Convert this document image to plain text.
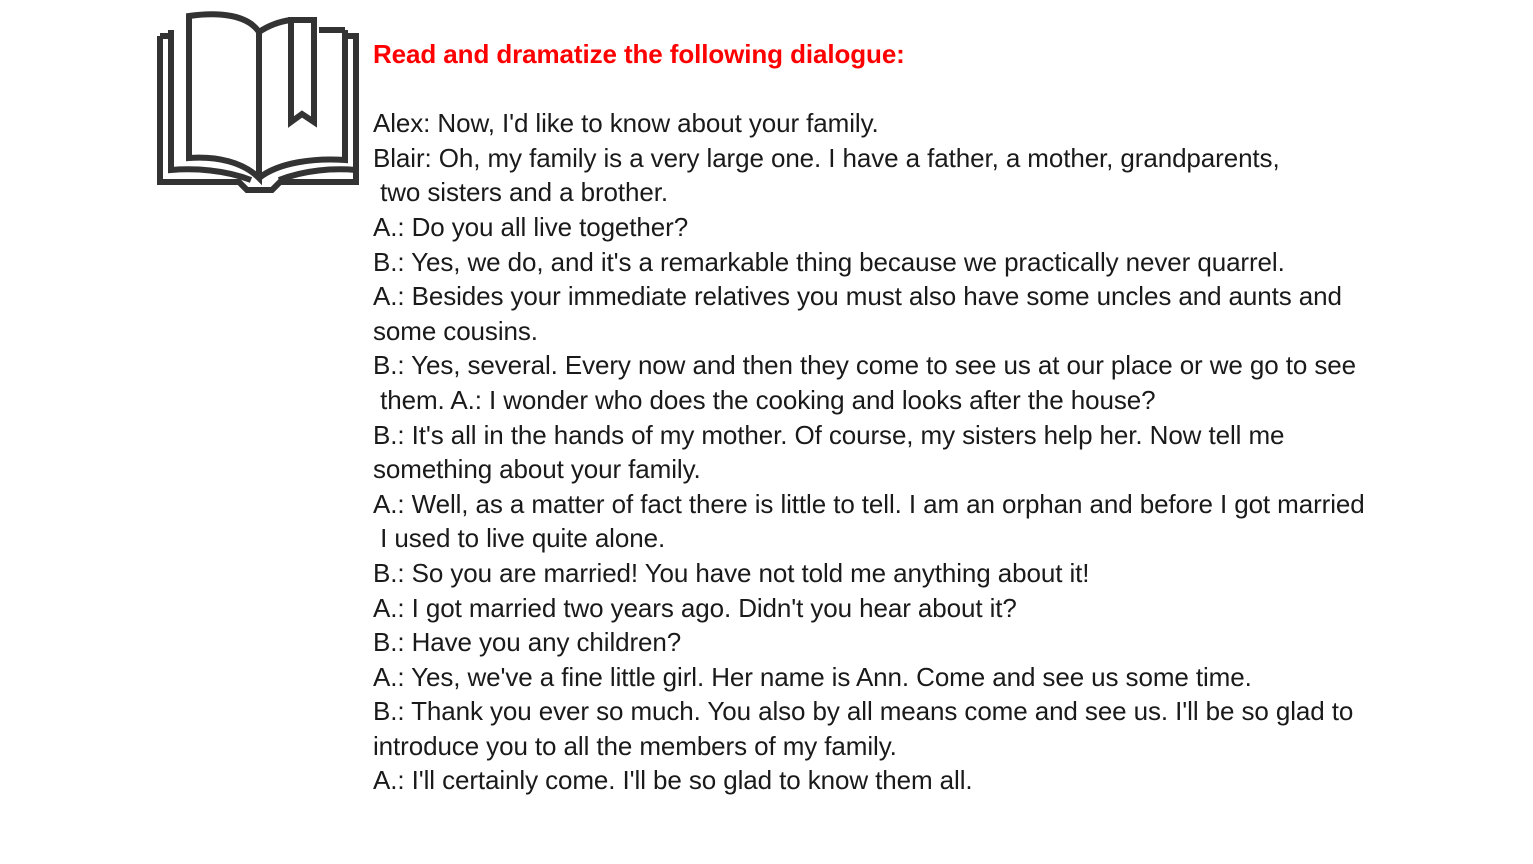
Read and dramatize the following dialogue:
Alex: Now, I'd like to know about your family.
Blair: Oh, my family is a very large one. I have a father, a mother, grandparents,
two sisters and a brother.
A.: Do you all live together?
B.: Yes, we do, and it's a remarkable thing because we practically never quarrel.
A.: Besides your immediate relatives you must also have some uncles and aunts and
some cousins.
B.: Yes, several. Every now and then they come to see us at our place or we go to see
them. A.: I wonder who does the cooking and looks after the house?
B.: It's all in the hands of my mother. Of course, my sisters help her. Now tell me
something about your family.
A.: Well, as a matter of fact there is little to tell. I am an orphan and before I got married
I used to live quite alone.
B.: So you are married! You have not told me anything about it!
A.: I got married two years ago. Didn't you hear about it?
B.: Have you any children?
A.: Yes, we've a fine little girl. Her name is Ann. Come and see us some time.
B.: Thank you ever so much. You also by all means come and see us. I'll be so glad to
introduce you to all the members of my family.
A.: I'll certainly come. I'll be so glad to know them all.
